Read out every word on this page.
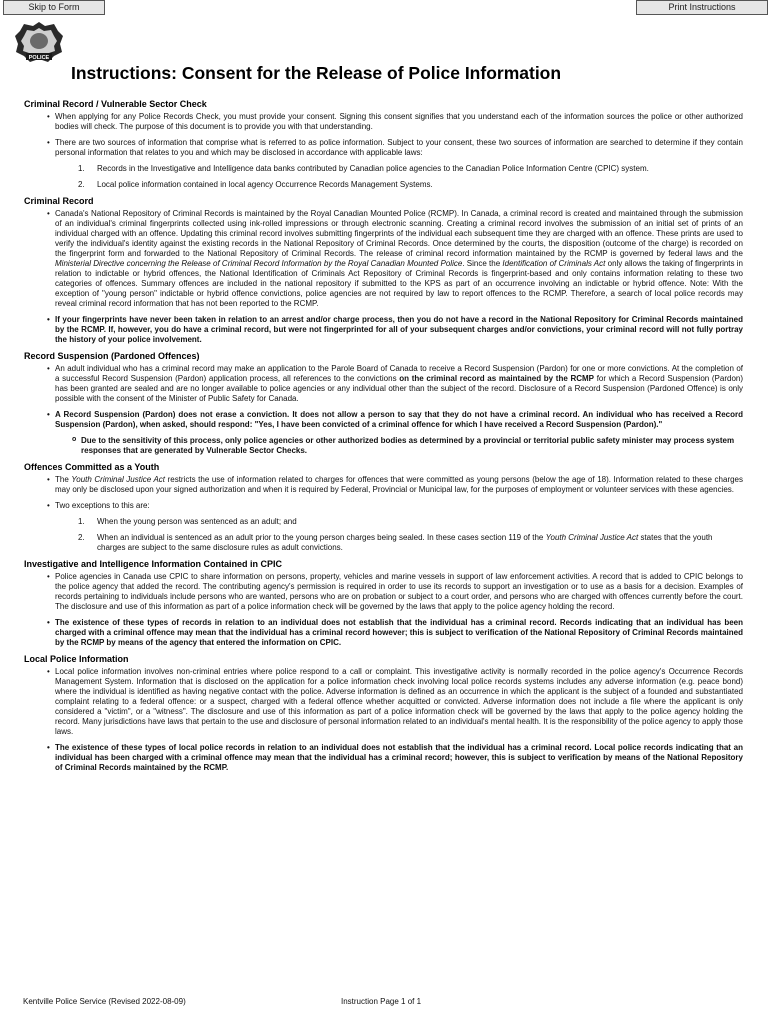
Skip to Form	Print Instructions
POLICE
Instructions: Consent for the Release of Police Information
Criminal Record / Vulnerable Sector Check
• When applying for any Police Records Check, you must provide your consent. Signing this consent signifies that you understand each of the information sources the police or other authorized bodies will check. The purpose of this document is to provide you with that understanding.
• There are two sources of information that comprise what is referred to as police information. Subject to your consent, these two sources of information are searched to determine if they contain personal information that relates to you and which may be disclosed in accordance with applicable laws:
1. Records in the Investigative and Intelligence data banks contributed by Canadian police agencies to the Canadian Police Information Centre (CPIC) system.
2. Local police information contained in local agency Occurrence Records Management Systems.
Criminal Record
• Canada's National Repository of Criminal Records is maintained by the Royal Canadian Mounted Police (RCMP). In Canada, a criminal record is created and maintained through the submission of an individual's criminal fingerprints collected using ink-rolled impressions or through electronic scanning. Creating a criminal record involves the submission of an initial set of prints of an individual charged with an offence. Updating this criminal record involves submitting fingerprints of the individual each subsequent time they are charged with an offence. These prints are used to verify the individual's identity against the existing records in the National Repository of Criminal Records. Once determined by the courts, the disposition (outcome of the charge) is recorded on the fingerprint form and forwarded to the National Repository of Criminal Records. The release of criminal record information maintained by the RCMP is governed by federal laws and the Ministerial Directive concerning the Release of Criminal Record Information by the Royal Canadian Mounted Police. Since the Identification of Criminals Act only allows the taking of fingerprints in relation to indictable or hybrid offences, the National Identification of Criminals Act Repository of Criminal Records is fingerprint-based and only contains information relating to these two categories of offences. Summary offences are included in the national repository if submitted to the KPS as part of an occurrence involving an indictable or hybrid offence. Note: With the exception of "young person" indictable or hybrid offence convictions, police agencies are not required by law to report offences to the RCMP. Therefore, a search of local police records may reveal criminal record information that has not been reported to the RCMP.
• If your fingerprints have never been taken in relation to an arrest and/or charge process, then you do not have a record in the National Repository for Criminal Records maintained by the RCMP. If, however, you do have a criminal record, but were not fingerprinted for all of your subsequent charges and/or convictions, your criminal record will not fully portray the history of your police involvement.
Record Suspension (Pardoned Offences)
• An adult individual who has a criminal record may make an application to the Parole Board of Canada to receive a Record Suspension (Pardon) for one or more convictions. At the completion of a successful Record Suspension (Pardon) application process, all references to the convictions on the criminal record as maintained by the RCMP for which a Record Suspension (Pardon) has been granted are sealed and are no longer available to police agencies or any individual other than the subject of the record. Disclosure of a Record Suspension (Pardoned Offence) is only possible with the consent of the Minister of Public Safety for Canada.
• A Record Suspension (Pardon) does not erase a conviction. It does not allow a person to say that they do not have a criminal record. An individual who has received a Record Suspension (Pardon), when asked, should respond: "Yes, I have been convicted of a criminal offence for which I have received a Record Suspension (Pardon)."
o Due to the sensitivity of this process, only police agencies or other authorized bodies as determined by a provincial or territorial public safety minister may process system responses that are generated by Vulnerable Sector Checks.
Offences Committed as a Youth
• The Youth Criminal Justice Act restricts the use of information related to charges for offences that were committed as young persons (below the age of 18). Information related to these charges may only be disclosed upon your signed authorization and when it is required by Federal, Provincial or Municipal law, for the purposes of employment or volunteer services with these agencies.
• Two exceptions to this are:
1. When the young person was sentenced as an adult; and
2. When an individual is sentenced as an adult prior to the young person charges being sealed. In these cases section 119 of the Youth Criminal Justice Act states that the youth charges are subject to the same disclosure rules as adult convictions.
Investigative and Intelligence Information Contained in CPIC
• Police agencies in Canada use CPIC to share information on persons, property, vehicles and marine vessels in support of law enforcement activities. A record that is added to CPIC belongs to the police agency that added the record. The contributing agency's permission is required in order to use its records to support an investigation or to use as a basis for a decision. Examples of records pertaining to individuals include persons who are wanted, persons who are on probation or subject to a court order, and persons who are charged with offences currently before the court. The disclosure and use of this information as part of a police information check will be governed by the laws that apply to the police agency holding the record.
• The existence of these types of records in relation to an individual does not establish that the individual has a criminal record. Records indicating that an individual has been charged with a criminal offence may mean that the individual has a criminal record however; this is subject to verification of the National Repository of Criminal Records maintained by the RCMP by means of the agency that entered the information on CPIC.
Local Police Information
• Local police information involves non-criminal entries where police respond to a call or complaint. This investigative activity is normally recorded in the police agency's Occurrence Records Management System. Information that is disclosed on the application for a police information check involving local police records systems includes any adverse information (e.g. peace bond) where the individual is identified as having negative contact with the police. Adverse information is defined as an occurrence in which the applicant is the subject of a founded and substantiated complaint relating to a federal offence: or a suspect, charged with a federal offence whether acquitted or convicted. Adverse information does not include a file where the applicant is only considered a "victim", or a "witness". The disclosure and use of this information as part of a police information check will be governed by the laws that apply to the police agency holding the record. Many jurisdictions have laws that pertain to the use and disclosure of personal information related to an individual's mental health. It is the responsibility of the police agency to apply those laws.
• The existence of these types of local police records in relation to an individual does not establish that the individual has a criminal record. Local police records indicating that an individual has been charged with a criminal offence may mean that the individual has a criminal record; however, this is subject to verification by means of the National Repository of Criminal Records maintained by the RCMP.
Kentville Police Service (Revised 2022-08-09)	Instruction Page 1 of 1
